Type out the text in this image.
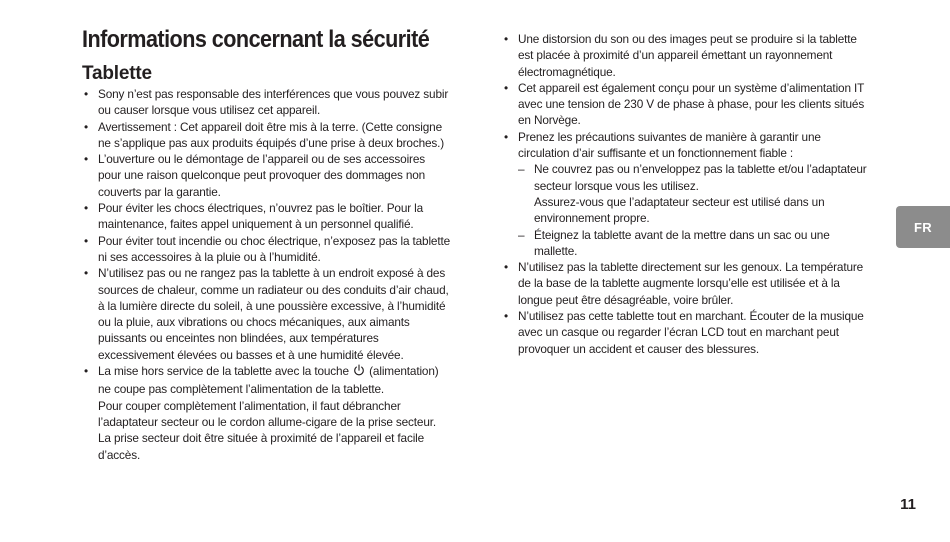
Informations concernant la sécurité
Tablette
• Sony n’est pas responsable des interférences que vous pouvez subir ou causer lorsque vous utilisez cet appareil.
• Avertissement : Cet appareil doit être mis à la terre. (Cette consigne ne s’applique pas aux produits équipés d’une prise à deux broches.)
• L’ouverture ou le démontage de l’appareil ou de ses accessoires pour une raison quelconque peut provoquer des dommages non couverts par la garantie.
• Pour éviter les chocs électriques, n’ouvrez pas le boîtier. Pour la maintenance, faites appel uniquement à un personnel qualifié.
• Pour éviter tout incendie ou choc électrique, n’exposez pas la tablette ni ses accessoires à la pluie ou à l’humidité.
• N’utilisez pas ou ne rangez pas la tablette à un endroit exposé à des sources de chaleur, comme un radiateur ou des conduits d’air chaud, à la lumière directe du soleil, à une poussière excessive, à l’humidité ou la pluie, aux vibrations ou chocs mécaniques, aux aimants puissants ou enceintes non blindées, aux températures excessivement élevées ou basses et à une humidité élevée.
• La mise hors service de la tablette avec la touche (alimentation) ne coupe pas complètement l’alimentation de la tablette.
Pour couper complètement l’alimentation, il faut débrancher l’adaptateur secteur ou le cordon allume-cigare de la prise secteur. La prise secteur doit être située à proximité de l’appareil et facile d’accès.
• Une distorsion du son ou des images peut se produire si la tablette est placée à proximité d’un appareil émettant un rayonnement électromagnétique.
• Cet appareil est également conçu pour un système d’alimentation IT avec une tension de 230 V de phase à phase, pour les clients situés en Norvège.
• Prenez les précautions suivantes de manière à garantir une circulation d’air suffisante et un fonctionnement fiable :
– Ne couvrez pas ou n’enveloppez pas la tablette et/ou l’adaptateur secteur lorsque vous les utilisez.
Assurez-vous que l’adaptateur secteur est utilisé dans un environnement propre.
– Éteignez la tablette avant de la mettre dans un sac ou une mallette.
• N’utilisez pas la tablette directement sur les genoux. La température de la base de la tablette augmente lorsqu’elle est utilisée et à la longue peut être désagréable, voire brûler.
• N’utilisez pas cette tablette tout en marchant. Écouter de la musique avec un casque ou regarder l’écran LCD tout en marchant peut provoquer un accident et causer des blessures.
FR
11
